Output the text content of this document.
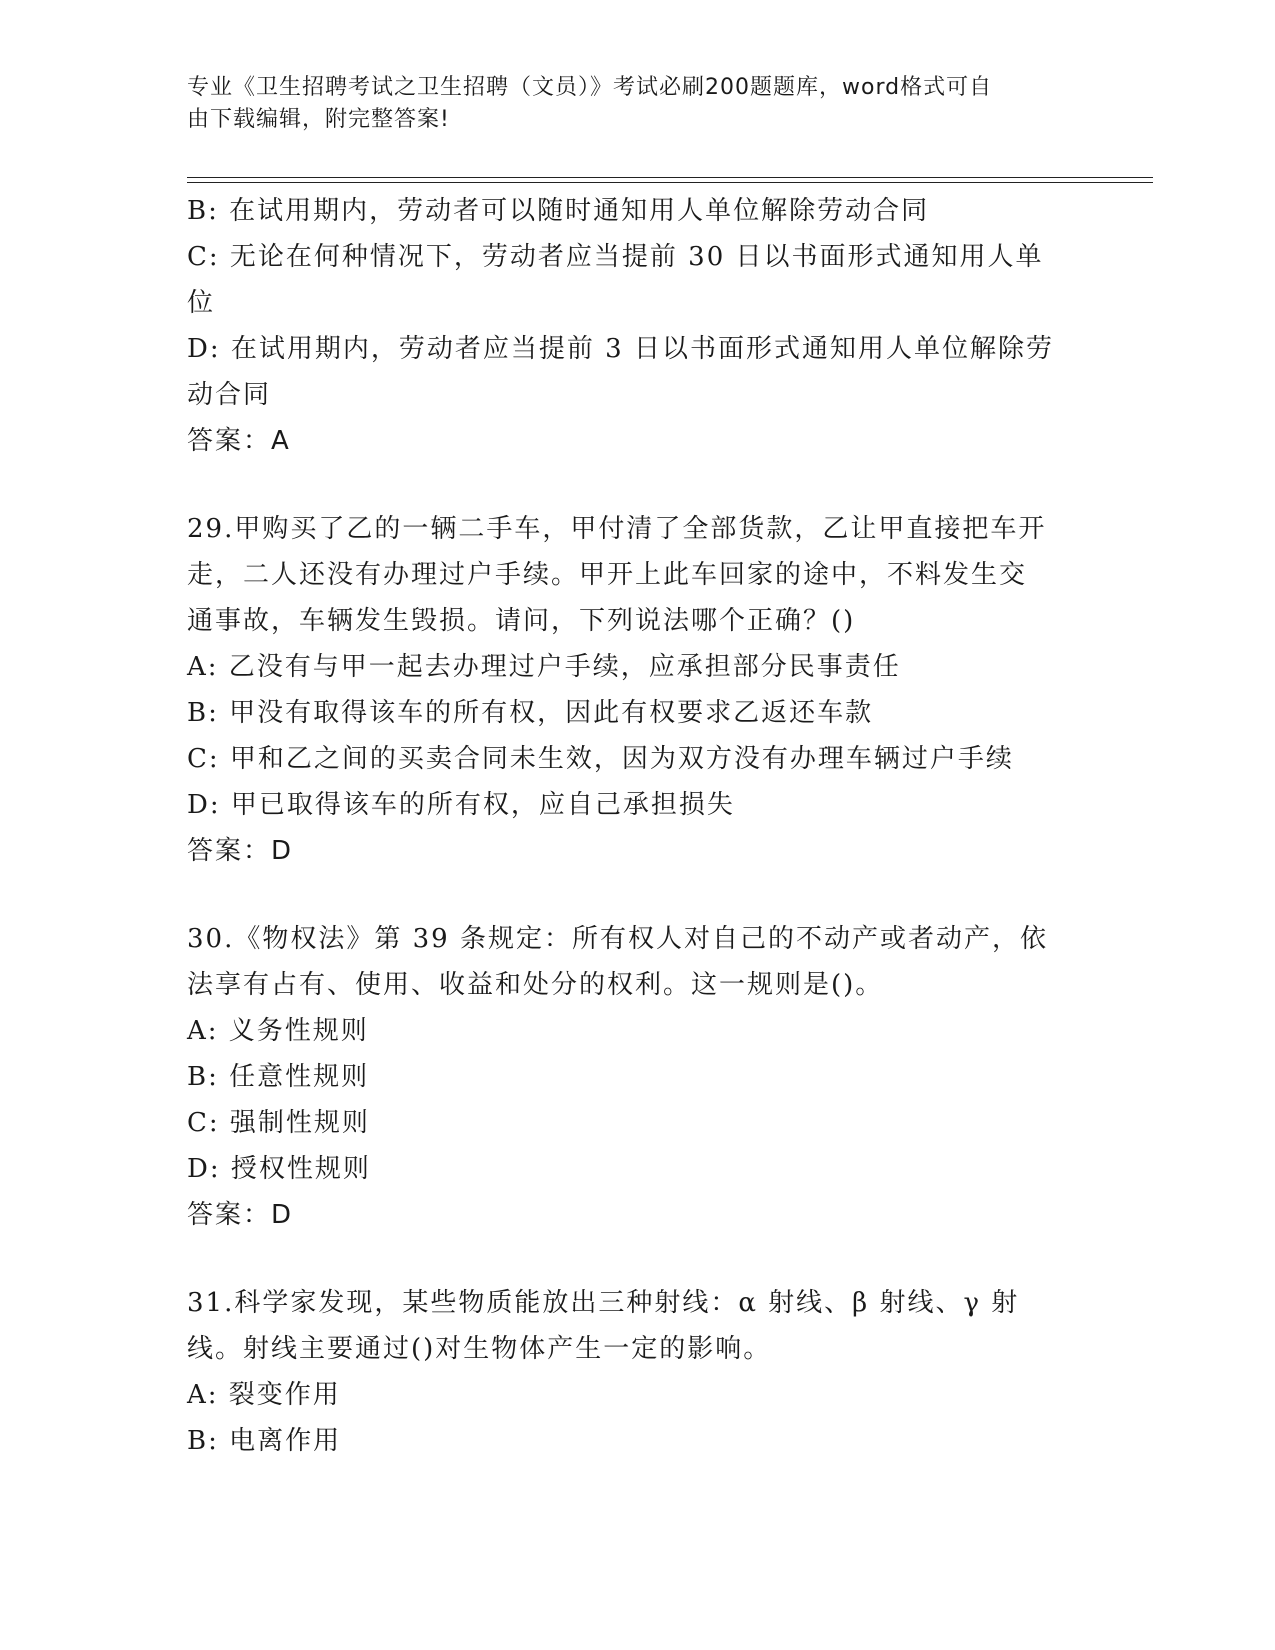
专业《卫生招聘考试之卫生招聘（文员）》考试必刷200题题库，word格式可自
由下载编辑，附完整答案!
B: 在试用期内，劳动者可以随时通知用人单位解除劳动合同
C: 无论在何种情况下，劳动者应当提前 30 日以书面形式通知用人单
位
D: 在试用期内，劳动者应当提前 3 日以书面形式通知用人单位解除劳
动合同
答案：A
29.甲购买了乙的一辆二手车，甲付清了全部货款，乙让甲直接把车开
走，二人还没有办理过户手续。甲开上此车回家的途中，不料发生交
通事故，车辆发生毁损。请问，下列说法哪个正确？()
A: 乙没有与甲一起去办理过户手续，应承担部分民事责任
B: 甲没有取得该车的所有权，因此有权要求乙返还车款
C: 甲和乙之间的买卖合同未生效，因为双方没有办理车辆过户手续
D: 甲已取得该车的所有权，应自己承担损失
答案：D
30.《物权法》第 39 条规定：所有权人对自己的不动产或者动产，依
法享有占有、使用、收益和处分的权利。这一规则是()。
A: 义务性规则
B: 任意性规则
C: 强制性规则
D: 授权性规则
答案：D
31.科学家发现，某些物质能放出三种射线：α 射线、β 射线、γ 射
线。射线主要通过()对生物体产生一定的影响。
A: 裂变作用
B: 电离作用
